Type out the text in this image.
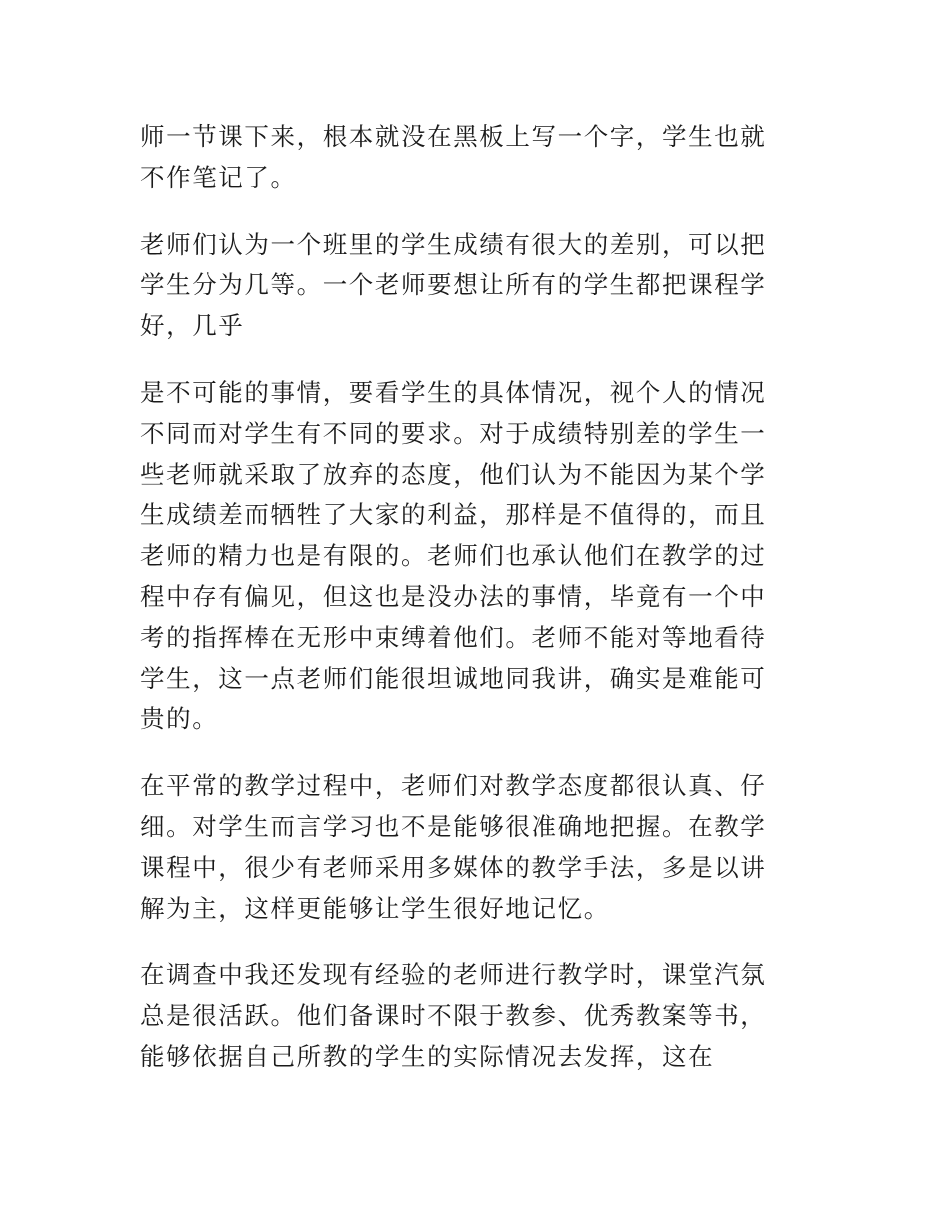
师一节课下来，根本就没在黑板上写一个字，学生也就
不作笔记了。

老师们认为一个班里的学生成绩有很大的差别，可以把
学生分为几等。一个老师要想让所有的学生都把课程学
好，几乎

是不可能的事情，要看学生的具体情况，视个人的情况
不同而对学生有不同的要求。对于成绩特别差的学生一
些老师就采取了放弃的态度，他们认为不能因为某个学
生成绩差而牺牲了大家的利益，那样是不值得的，而且
老师的精力也是有限的。老师们也承认他们在教学的过
程中存有偏见，但这也是没办法的事情，毕竟有一个中
考的指挥棒在无形中束缚着他们。老师不能对等地看待
学生，这一点老师们能很坦诚地同我讲，确实是难能可
贵的。

在平常的教学过程中，老师们对教学态度都很认真、仔
细。对学生而言学习也不是能够很准确地把握。在教学
课程中，很少有老师采用多媒体的教学手法，多是以讲
解为主，这样更能够让学生很好地记忆。

在调查中我还发现有经验的老师进行教学时，课堂汽氛
总是很活跃。他们备课时不限于教参、优秀教案等书，
能够依据自己所教的学生的实际情况去发挥，这在
